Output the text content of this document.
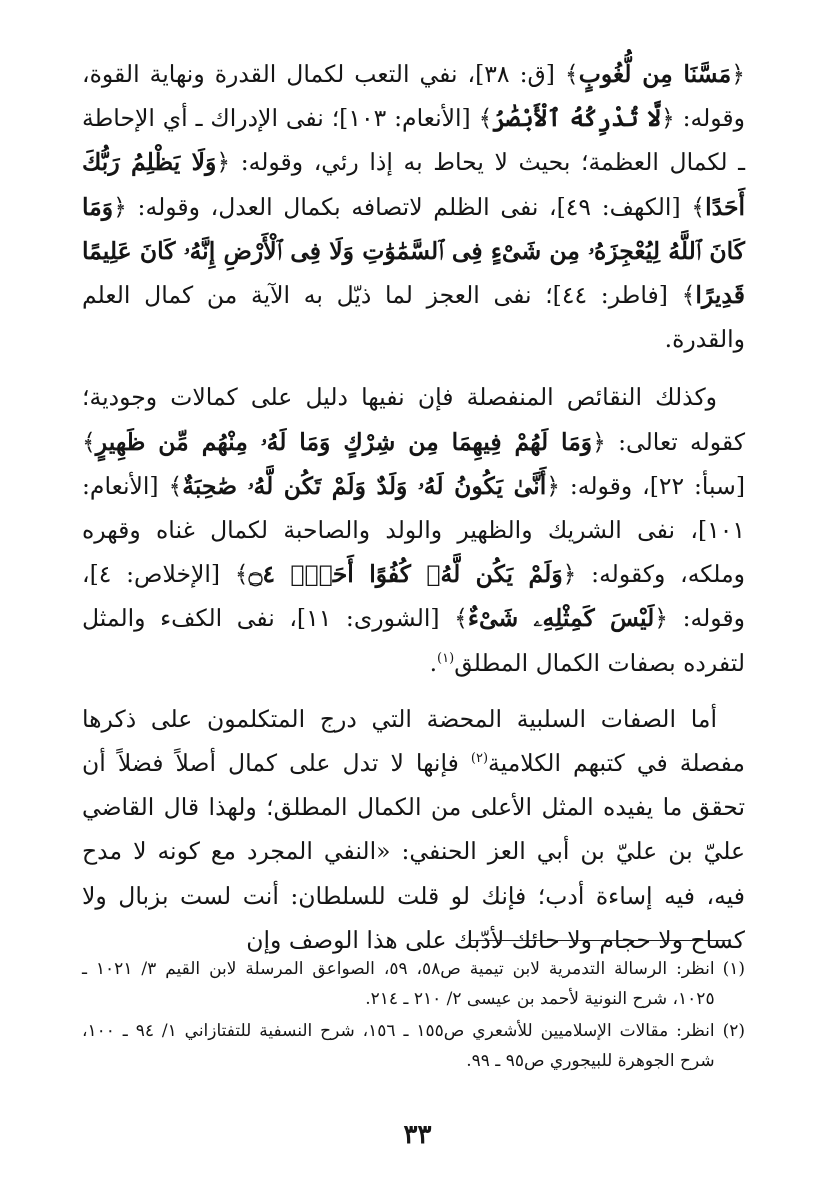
﴿مَسَّنَا مِن لُّغُوبٍ﴾ [ق: ٣٨]، نفي التعب لكمال القدرة ونهاية القوة، وقوله: ﴿لَّا تُدْرِكُهُ ٱلْأَبْصَٰرُ﴾ [الأنعام: ١٠٣]؛ نفى الإدراك ـ أي الإحاطة ـ لكمال العظمة؛ بحيث لا يحاط به إذا رئي، وقوله: ﴿وَلَا يَظْلِمُ رَبُّكَ أَحَدًا﴾ [الكهف: ٤٩]، نفى الظلم لاتصافه بكمال العدل، وقوله: ﴿وَمَا كَانَ ٱللَّهُ لِيُعْجِزَهُۥ مِن شَىْءٍ فِى ٱلسَّمَٰوَٰتِ وَلَا فِى ٱلْأَرْضِ إِنَّهُۥ كَانَ عَلِيمًا قَدِيرًا﴾ [فاطر: ٤٤]؛ نفى العجز لما ذيّل به الآية من كمال العلم والقدرة.

وكذلك النقائص المنفصلة فإن نفيها دليل على كمالات وجودية؛ كقوله تعالى: ﴿وَمَا لَهُمْ فِيهِمَا مِن شِرْكٍ وَمَا لَهُۥ مِنْهُم مِّن ظَهِيرٍ﴾ [سبأ: ٢٢]، وقوله: ﴿أَنَّىٰ يَكُونُ لَهُۥ وَلَدٌ وَلَمْ تَكُن لَّهُۥ صَٰحِبَةٌ﴾ [الأنعام: ١٠١]، نفى الشريك والظهير والولد والصاحبة لكمال غناه وقهره وملكه، وكقوله: ﴿وَلَمْ يَكُن لَّهُۥ كُفُوًا أَحَدٌۢ ۝٤﴾ [الإخلاص: ٤]، وقوله: ﴿لَيْسَ كَمِثْلِهِۦ شَىْءٌ﴾ [الشورى: ١١]، نفى الكفء والمثل لتفرده بصفات الكمال المطلق$^{(١)}$.

أما الصفات السلبية المحضة التي درج المتكلمون على ذكرها مفصلة في كتبهم الكلامية$^{(٢)}$ فإنها لا تدل على كمال أصلاً فضلاً أن تحقق ما يفيده المثل الأعلى من الكمال المطلق؛ ولهذا قال القاضي عليّ بن عليّ بن أبي العز الحنفي: «النفي المجرد مع كونه لا مدح فيه، فيه إساءة أدب؛ فإنك لو قلت للسلطان: أنت لست بزبال ولا كساح ولا حجام ولا حائك لأدّبك على هذا الوصف وإن

(١)
انظر: الرسالة التدمرية لابن تيمية ص٥٨، ٥٩، الصواعق المرسلة لابن القيم ٣/ ١٠٢١ ـ ١٠٢٥، شرح النونية لأحمد بن عيسى ٢/ ٢١٠ ـ ٢١٤.
(٢)
انظر: مقالات الإسلاميين للأشعري ص١٥٥ ـ ١٥٦، شرح النسفية للتفتازاني ١/ ٩٤ ـ ١٠٠، شرح الجوهرة للبيجوري ص٩٥ ـ ٩٩.
٣٣
